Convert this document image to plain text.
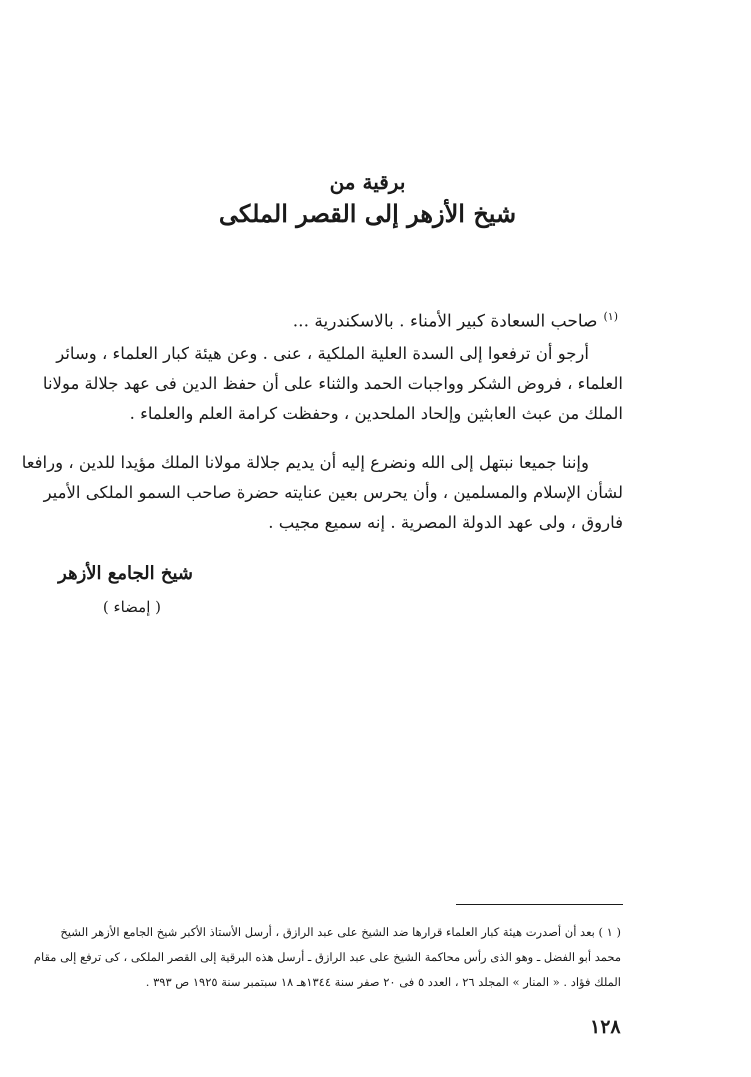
برقية من
شيخ الأزهر إلى القصر الملكى
$^{(١)}$صاحب السعادة كبير الأمناء . بالاسكندرية ...
أرجو أن ترفعوا إلى السدة العلية الملكية ، عنى . وعن هيئة كبار العلماء ، وسائر
العلماء ، فروض الشكر وواجبات الحمد والثناء على أن حفظ الدين فى عهد جلالة مولانا
الملك من عبث العابثين وإلحاد الملحدين ، وحفظت كرامة العلم والعلماء .
وإننا جميعا نبتهل إلى الله ونضرع إليه أن يديم جلالة مولانا الملك مؤيدا للدين ، ورافعا
لشأن الإسلام والمسلمين ، وأن يحرس بعين عنايته حضرة صاحب السمو الملكى الأمير
فاروق ، ولى عهد الدولة المصرية . إنه سميع مجيب .
شيخ الجامع الأزهر
( إمضاء )
( ١ ) بعد أن أصدرت هيئة كبار العلماء قرارها ضد الشيخ على عبد الرازق ، أرسل الأستاذ الأكبر شيخ الجامع الأزهر الشيخ
محمد أبو الفضل ـ وهو الذى رأس محاكمة الشيخ على عبد الرازق ـ أرسل هذه البرقية إلى القصر الملكى ، كى ترفع إلى مقام
الملك فؤاد . « المنار » المجلد ٢٦ ، العدد ٥ فى ٢٠ صفر سنة ١٣٤٤هـ ١٨ سبتمبر سنة ١٩٢٥ ص ٣٩٣ .
١٢٨
